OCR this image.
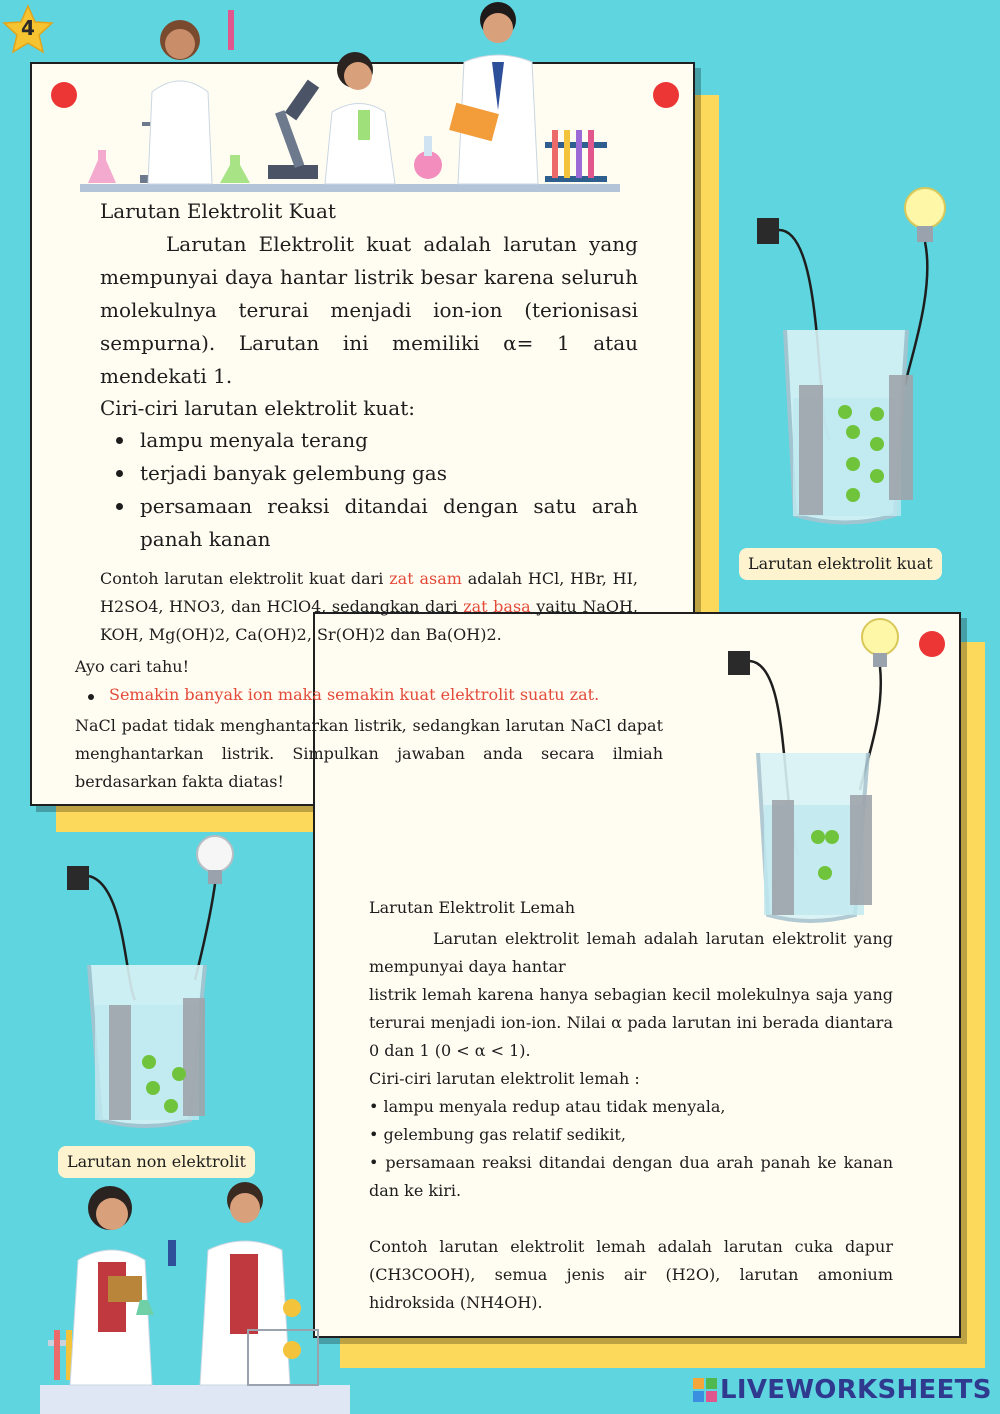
4
Larutan Elektrolit Kuat
Larutan Elektrolit kuat adalah larutan yang mempunyai daya hantar listrik besar karena seluruh molekulnya terurai menjadi ion-ion (terionisasi sempurna). Larutan ini memiliki α= 1 atau mendekati 1.
Ciri-ciri larutan elektrolit kuat:
lampu menyala terang
terjadi banyak gelembung gas
persamaan reaksi ditandai dengan satu arah panah kanan
Contoh larutan elektrolit kuat dari zat asam adalah HCl, HBr, HI, H2SO4, HNO3, dan HClO4, sedangkan dari zat basa yaitu NaOH, KOH, Mg(OH)2, Ca(OH)2, Sr(OH)2 dan Ba(OH)2.
Ayo cari tahu!
Semakin banyak ion maka semakin kuat elektrolit suatu zat.
NaCl padat tidak menghantarkan listrik, sedangkan larutan NaCl dapat menghantarkan listrik. Simpulkan jawaban anda secara ilmiah berdasarkan fakta diatas!
Larutan elektrolit kuat
Larutan non elektrolit
Larutan Elektrolit Lemah

Larutan elektrolit lemah adalah larutan elektrolit yang mempunyai daya hantar

listrik lemah karena hanya sebagian kecil molekulnya saja yang terurai menjadi ion-ion. Nilai α pada larutan ini berada diantara 0 dan 1 (0 < α < 1).

Ciri-ciri larutan elektrolit lemah :

• lampu menyala redup atau tidak menyala,

• gelembung gas relatif sedikit,

• persamaan reaksi ditandai dengan dua arah panah ke kanan dan ke kiri.

Contoh larutan elektrolit lemah adalah larutan cuka dapur (CH3COOH), semua jenis air (H2O), larutan amonium hidroksida (NH4OH).

LIVEWORKSHEETS
